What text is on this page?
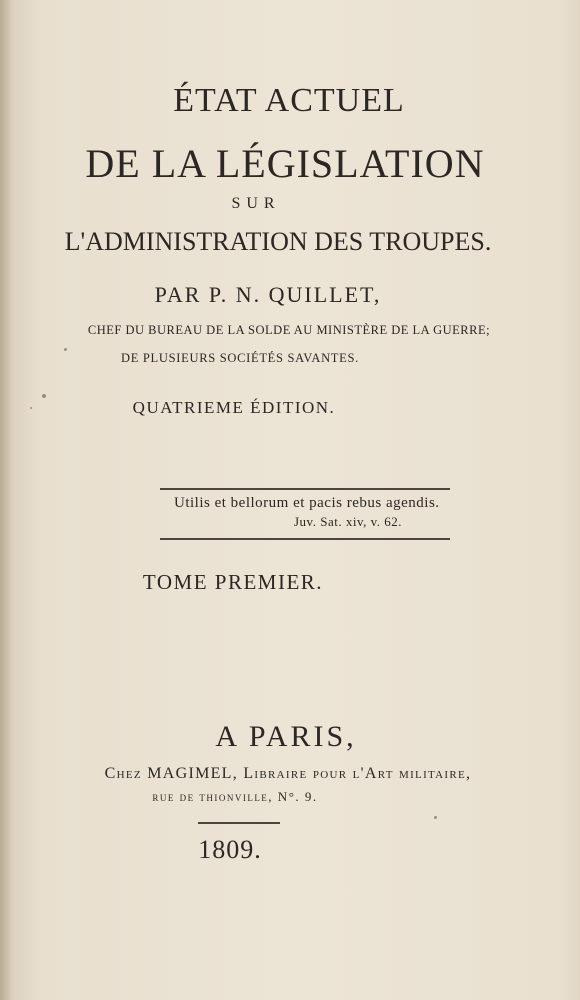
ÉTAT ACTUEL
DE LA LÉGISLATION
SUR
L'ADMINISTRATION DES TROUPES.
PAR P. N. QUILLET,
CHEF DU BUREAU DE LA SOLDE AU MINISTÈRE DE LA GUERRE;
DE PLUSIEURS SOCIÉTÉS SAVANTES.
QUATRIEME ÉDITION.
Utilis et bellorum et pacis rebus agendis.
Juv. Sat. xiv, v. 62.
TOME PREMIER.
A PARIS,
Chez MAGIMEL, Libraire pour l'Art militaire,
rue de thionville, N°. 9.
1809.
